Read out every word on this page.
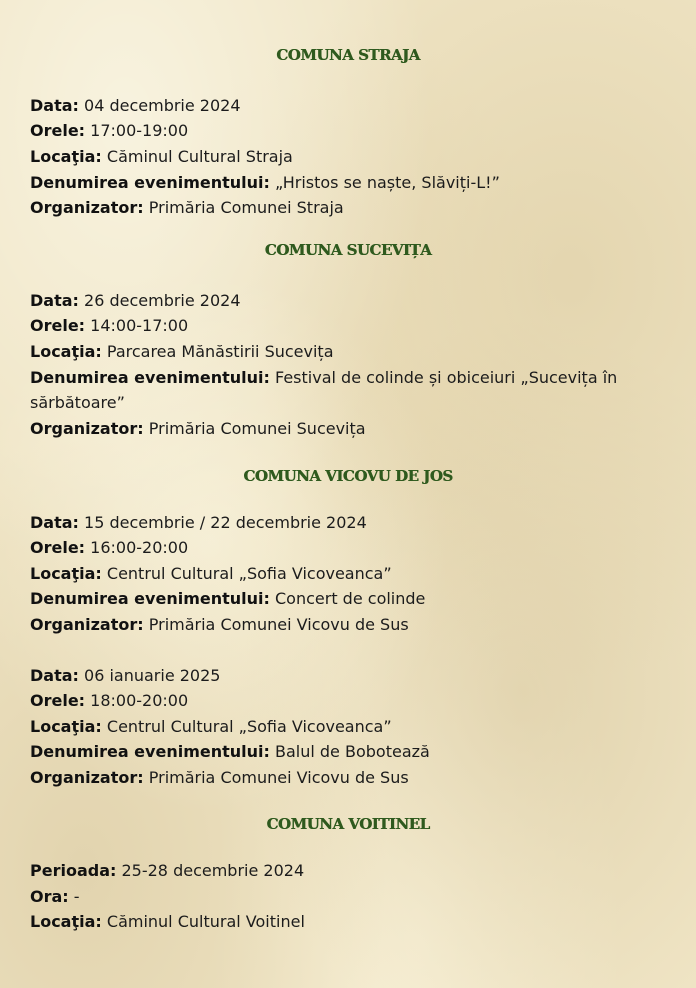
COMUNA STRAJA
Data: 04 decembrie 2024
Orele: 17:00-19:00
Locaţia: Căminul Cultural Straja
Denumirea evenimentului: „Hristos se naște, Slăviți-L!”
Organizator: Primăria Comunei Straja
COMUNA SUCEVIȚA
Data: 26 decembrie 2024
Orele: 14:00-17:00
Locaţia: Parcarea Mănăstirii Sucevița
Denumirea evenimentului: Festival de colinde și obiceiuri „Sucevița în sărbătoare”
Organizator: Primăria Comunei Sucevița
COMUNA VICOVU DE JOS
Data: 15 decembrie / 22 decembrie 2024
Orele: 16:00-20:00
Locaţia: Centrul Cultural „Sofia Vicoveanca”
Denumirea evenimentului: Concert de colinde
Organizator: Primăria Comunei Vicovu de Sus
Data: 06 ianuarie 2025
Orele: 18:00-20:00
Locaţia: Centrul Cultural „Sofia Vicoveanca”
Denumirea evenimentului: Balul de Bobotează
Organizator: Primăria Comunei Vicovu de Sus
COMUNA VOITINEL
Perioada: 25-28 decembrie 2024
Ora: -
Locaţia: Căminul Cultural Voitinel
